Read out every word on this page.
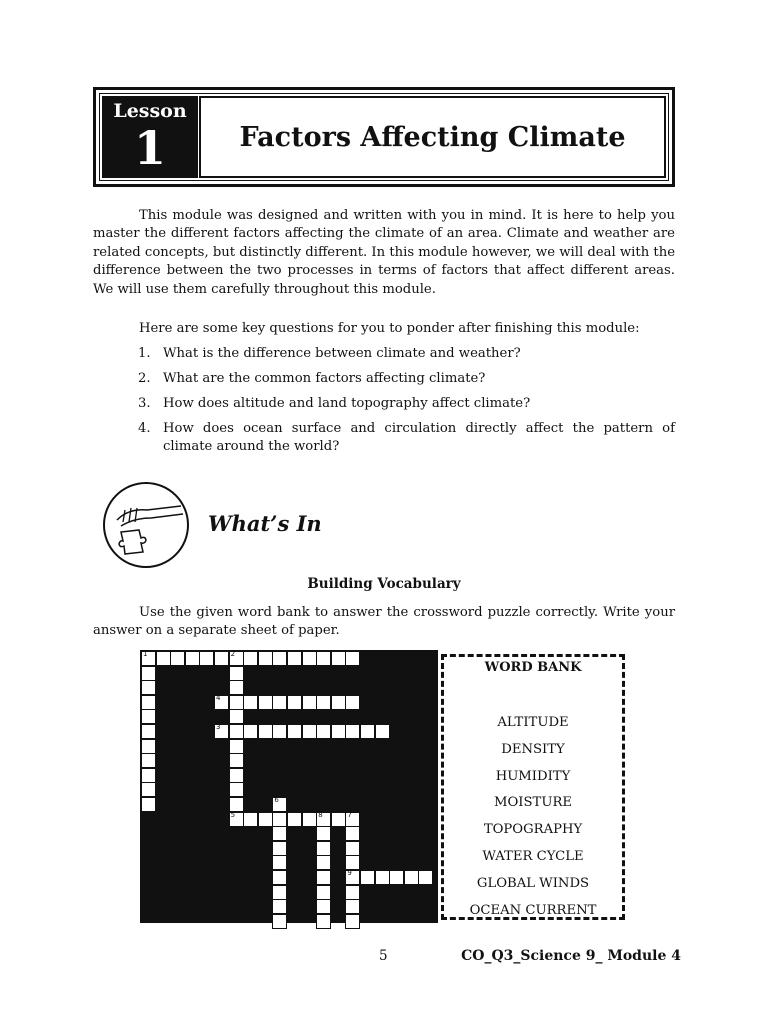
Lesson
1	Factors Affecting Climate

This module was designed and written with you in mind. It is here to help you master the different factors affecting the climate of an area. Climate and weather are related concepts, but distinctly different. In this module however, we will deal with the difference between the two processes in terms of factors that affect different areas. We will use them carefully throughout this module.

Here are some key questions for you to ponder after finishing this module:

1. What is the difference between climate and weather?
2. What are the common factors affecting climate?
3. How does altitude and land topography affect climate?
4. How does ocean surface and circulation directly affect the pattern of climate around the world?
What’s In
Building Vocabulary

Use the given word bank to answer the crossword puzzle correctly. Write your answer on a separate sheet of paper.

1	2
5
4
3
6
8	7
9
WORD BANK
ALTITUDE
DENSITY
HUMIDITY
MOISTURE
TOPOGRAPHY
WATER CYCLE
GLOBAL WINDS
OCEAN CURRENT
5	CO_Q3_Science 9_ Module 4
